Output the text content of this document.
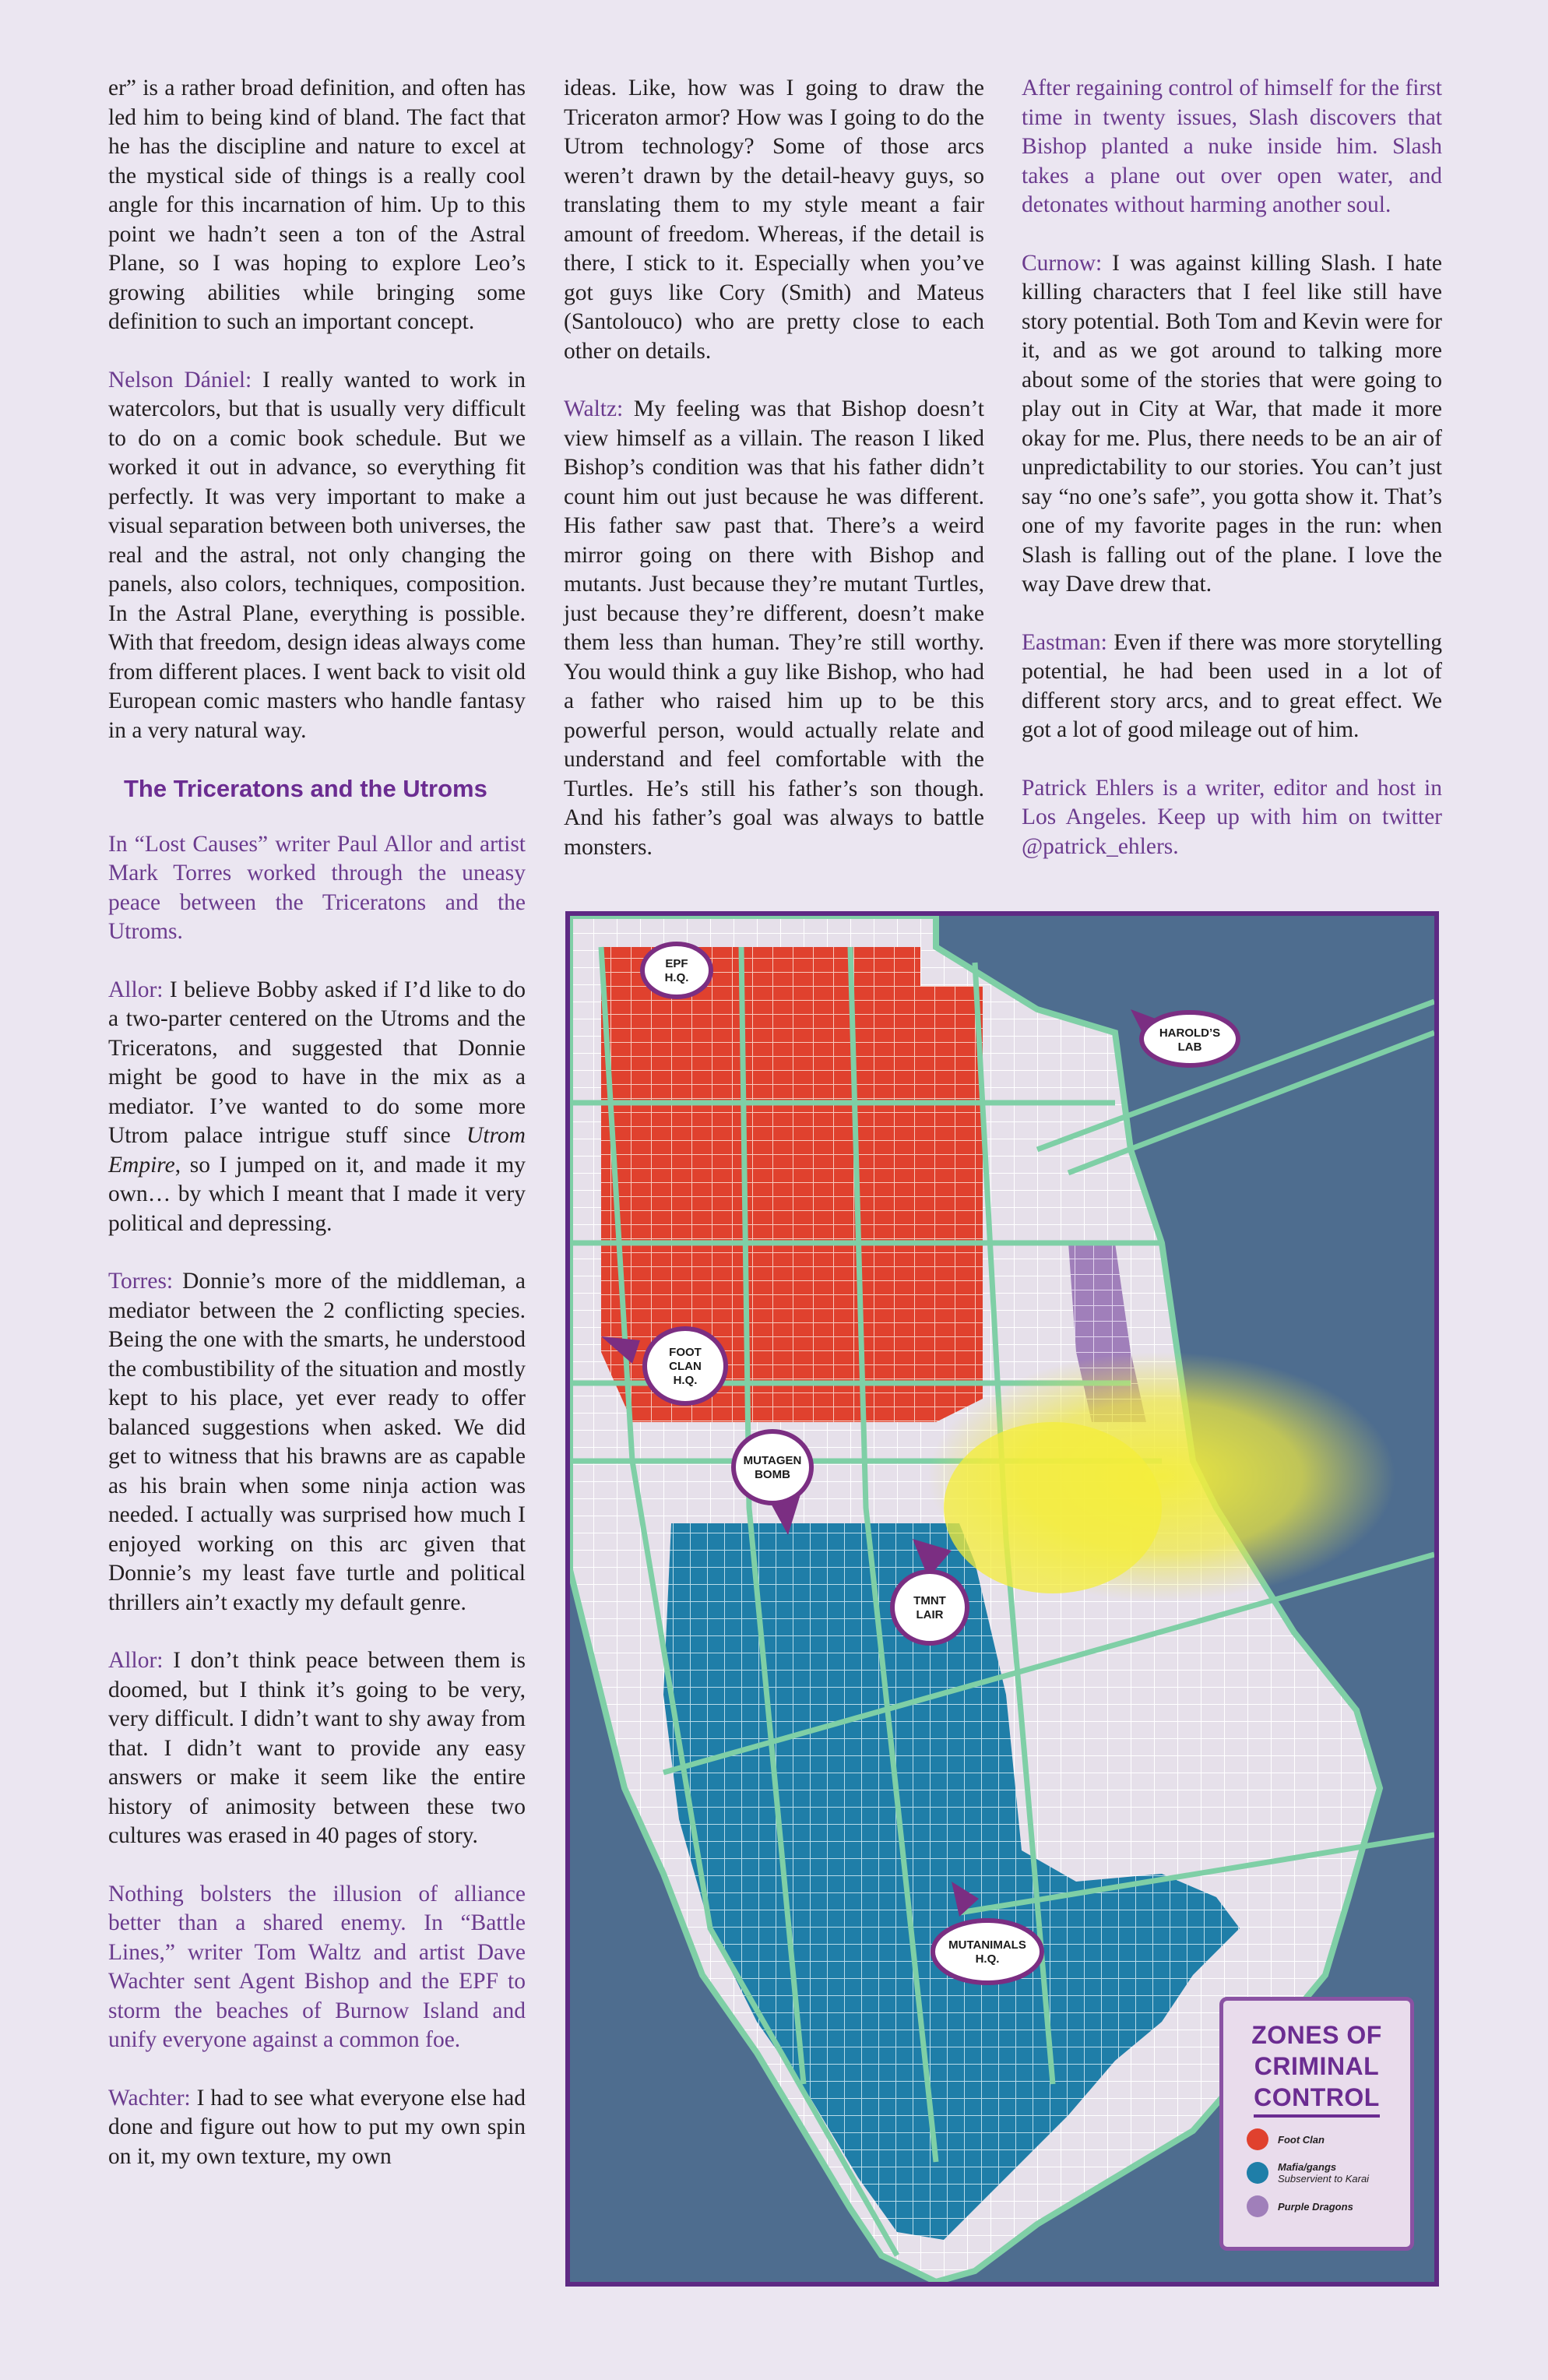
er” is a rather broad definition, and often has led him to being kind of bland. The fact that he has the discipline and nature to excel at the mystical side of things is a really cool angle for this incarnation of him. Up to this point we hadn’t seen a ton of the Astral Plane, so I was hoping to explore Leo’s growing abilities while bringing some definition to such an important concept.

Nelson Dániel: I really wanted to work in watercolors, but that is usually very difficult to do on a comic book schedule. But we worked it out in advance, so everything fit perfectly. It was very important to make a visual separation between both universes, the real and the astral, not only changing the panels, also colors, techniques, composition. In the Astral Plane, everything is possible. With that freedom, design ideas always come from different places. I went back to visit old European comic masters who handle fantasy in a very natural way.

The Triceratons and the Utroms

In “Lost Causes” writer Paul Allor and artist Mark Torres worked through the uneasy peace between the Triceratons and the Utroms.

Allor: I believe Bobby asked if I’d like to do a two-parter centered on the Utroms and the Triceratons, and suggested that Donnie might be good to have in the mix as a mediator. I’ve wanted to do some more Utrom palace intrigue stuff since Utrom Empire, so I jumped on it, and made it my own… by which I meant that I made it very political and depressing.

Torres: Donnie’s more of the middleman, a mediator between the 2 conflicting species. Being the one with the smarts, he understood the combustibility of the situation and mostly kept to his place, yet ever ready to offer balanced suggestions when asked. We did get to witness that his brawns are as capable as his brain when some ninja action was needed. I actually was surprised how much I enjoyed working on this arc given that Donnie’s my least fave turtle and political thrillers ain’t exactly my default genre.

Allor: I don’t think peace between them is doomed, but I think it’s going to be very, very difficult. I didn’t want to shy away from that. I didn’t want to provide any easy answers or make it seem like the entire history of animosity between these two cultures was erased in 40 pages of story.

Nothing bolsters the illusion of alliance better than a shared enemy. In “Battle Lines,” writer Tom Waltz and artist Dave Wachter sent Agent Bishop and the EPF to storm the beaches of Burnow Island and unify everyone against a common foe.

Wachter: I had to see what everyone else had done and figure out how to put my own spin on it, my own texture, my own

ideas. Like, how was I going to draw the Triceraton armor? How was I going to do the Utrom technology? Some of those arcs weren’t drawn by the detail-heavy guys, so translating them to my style meant a fair amount of freedom. Whereas, if the detail is there, I stick to it. Especially when you’ve got guys like Cory (Smith) and Mateus (Santolouco) who are pretty close to each other on details.

Waltz: My feeling was that Bishop doesn’t view himself as a villain. The reason I liked Bishop’s condition was that his father didn’t count him out just because he was different. His father saw past that. There’s a weird mirror going on there with Bishop and mutants. Just because they’re mutant Turtles, just because they’re different, doesn’t make them less than human. They’re still worthy. You would think a guy like Bishop, who had a father who raised him up to be this powerful person, would actually relate and understand and feel comfortable with the Turtles. He’s still his father’s son though. And his father’s goal was always to battle monsters.

After regaining control of himself for the first time in twenty issues, Slash discovers that Bishop planted a nuke inside him. Slash takes a plane out over open water, and detonates without harming another soul.

Curnow: I was against killing Slash. I hate killing characters that I feel like still have story potential. Both Tom and Kevin were for it, and as we got around to talking more about some of the stories that were going to play out in City at War, that made it more okay for me. Plus, there needs to be an air of unpredictability to our stories. You can’t just say “no one’s safe”, you gotta show it. That’s one of my favorite pages in the run: when Slash is falling out of the plane. I love the way Dave drew that.

Eastman: Even if there was more storytelling potential, he had been used in a lot of different story arcs, and to great effect. We got a lot of good mileage out of him.

Patrick Ehlers is a writer, editor and host in Los Angeles. Keep up with him on twitter @patrick_ehlers.

EPF
H.Q.
HAROLD’S
LAB
FOOT
CLAN
H.Q.
MUTAGEN
BOMB
TMNT
LAIR
MUTANIMALS
H.Q.
ZONES OF
CRIMINAL
CONTROL
Foot Clan
Mafia/gangs
Subservient to Karai
Purple Dragons
